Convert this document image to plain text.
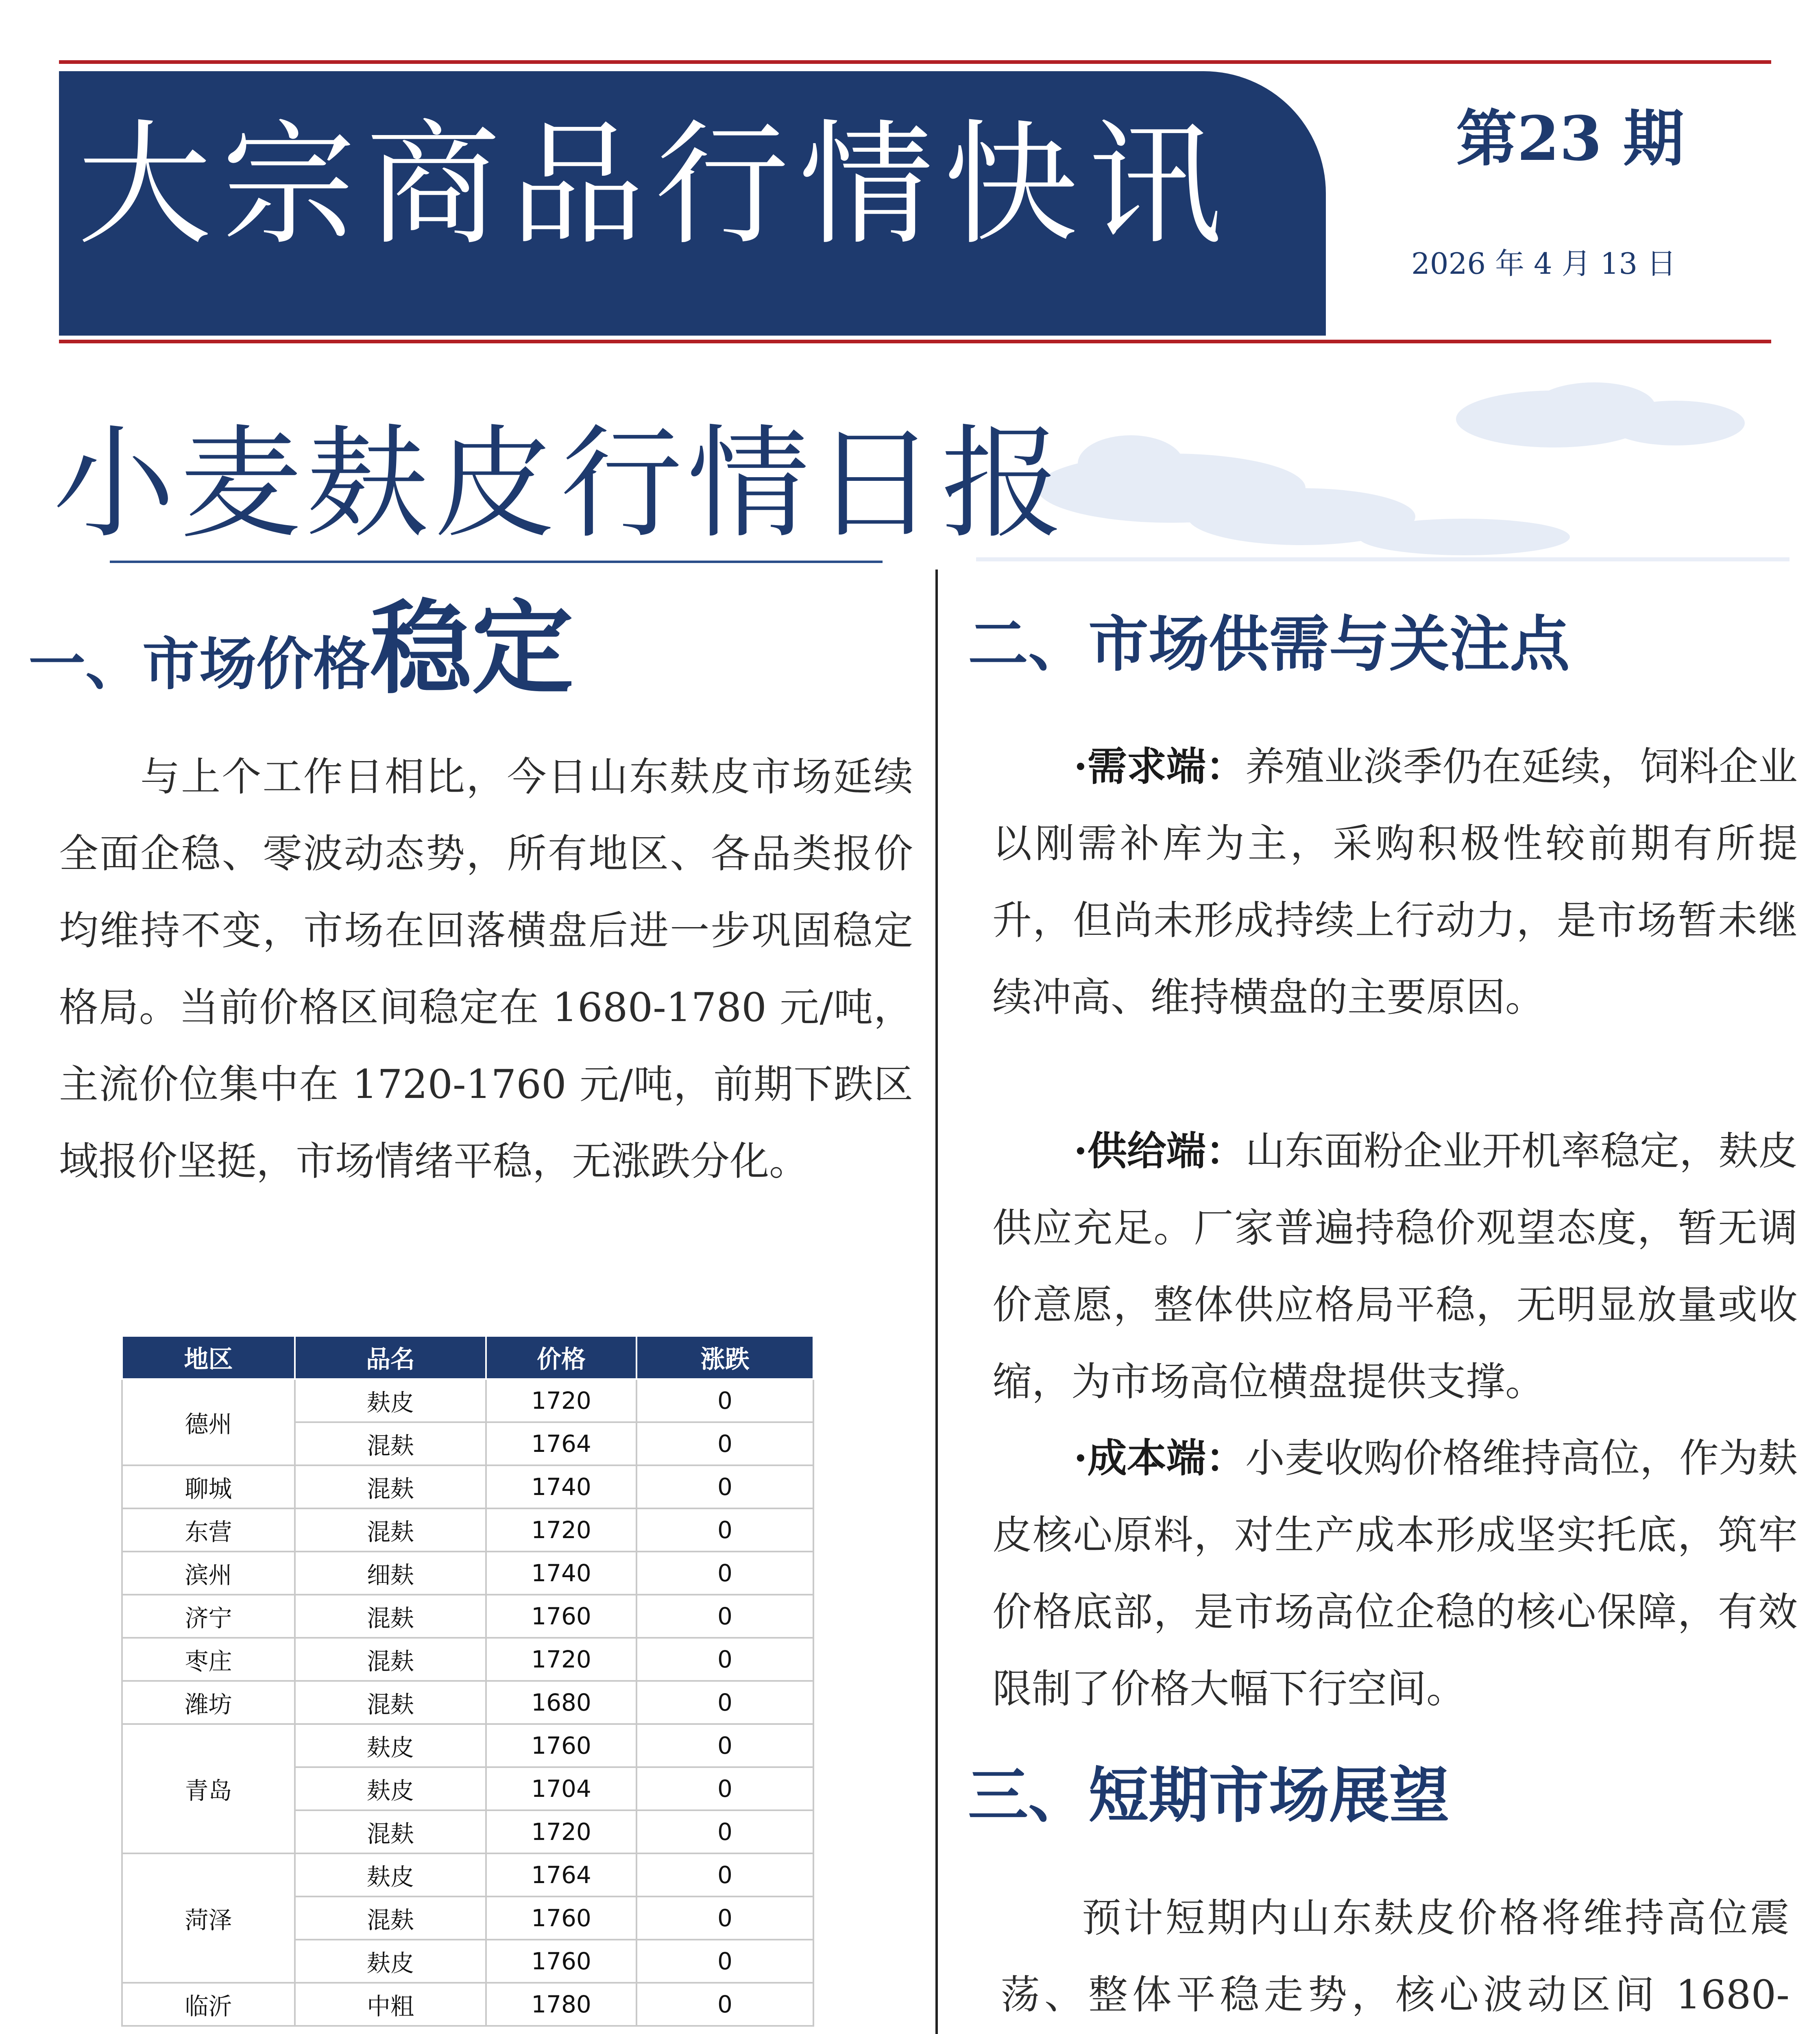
大宗商品行情快讯	第23 期
2026 年 4 月 13 日
小麦麸皮行情日报
一、市场价格稳定
与上个工作日相比，今日山东麸皮市场延续全面企稳、零波动态势，所有地区、各品类报价均维持不变，市场在回落横盘后进一步巩固稳定格局。当前价格区间稳定在 1680-1780 元/吨，主流价位集中在 1720-1760 元/吨，前期下跌区域报价坚挺，市场情绪平稳，无涨跌分化。
地区	品名	价格	涨跌
德州	麸皮	1720	0
	混麸	1764	0
聊城	混麸	1740	0
东营	混麸	1720	0
滨州	细麸	1740	0
济宁	混麸	1760	0
枣庄	混麸	1720	0
潍坊	混麸	1680	0
青岛	麸皮	1760	0
	麸皮	1704	0
	混麸	1720	0
菏泽	麸皮	1764	0
	混麸	1760	0
	麸皮	1760	0
临沂	中粗	1780	0
二、市场供需与关注点
·需求端：养殖业淡季仍在延续，饲料企业以刚需补库为主，采购积极性较前期有所提升，但尚未形成持续上行动力，是市场暂未继续冲高、维持横盘的主要原因。
·供给端：山东面粉企业开机率稳定，麸皮供应充足。厂家普遍持稳价观望态度，暂无调价意愿，整体供应格局平稳，无明显放量或收缩，为市场高位横盘提供支撑。
·成本端：小麦收购价格维持高位，作为麸皮核心原料，对生产成本形成坚实托底，筑牢价格底部，是市场高位企稳的核心保障，有效限制了价格大幅下行空间。
三、短期市场展望
预计短期内山东麸皮价格将维持高位震荡、整体平稳走势，核心波动区间 1680-
